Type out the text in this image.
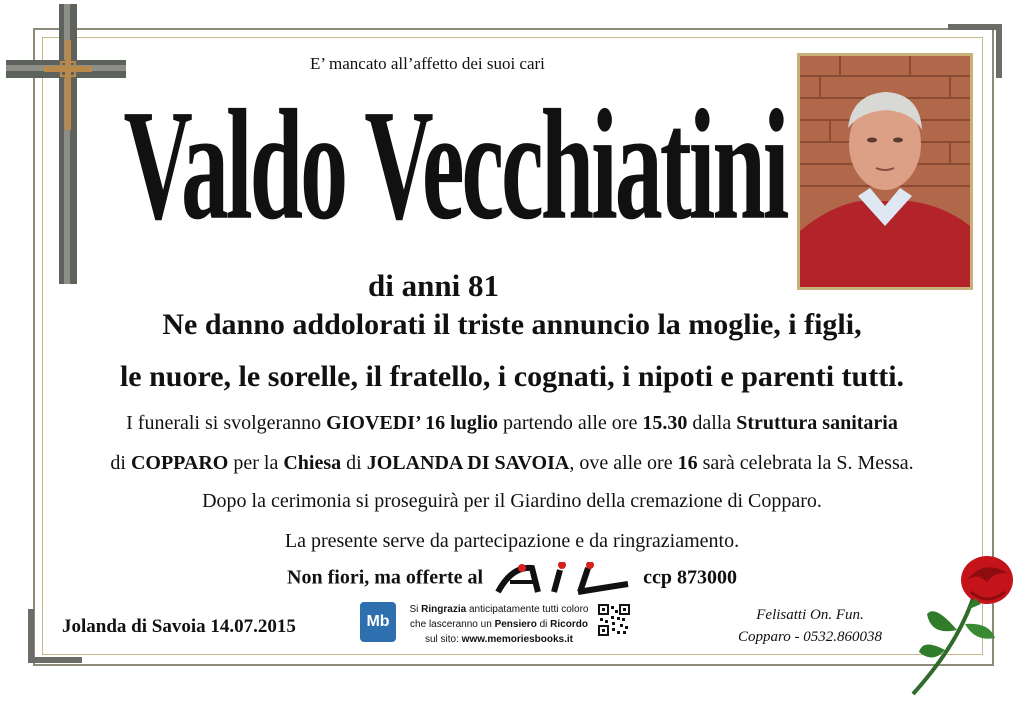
E’ mancato all’affetto dei suoi cari
Valdo Vecchiatini
di anni 81
Ne danno addolorati il triste annuncio la moglie, i figli,
le nuore, le sorelle, il fratello, i cognati, i nipoti e parenti tutti.
I funerali si svolgeranno GIOVEDI’ 16 luglio partendo alle ore 15.30 dalla Struttura sanitaria
di COPPARO per la Chiesa di JOLANDA DI SAVOIA, ove alle ore 16 sarà celebrata la S. Messa.
Dopo la cerimonia si proseguirà per il Giardino della cremazione di Copparo.
La presente serve da partecipazione e da ringraziamento.
Non fiori, ma offerte al	ccp 873000
Jolanda di Savoia 14.07.2015	Mb
Si Ringrazia anticipatamente tutti coloro
che lasceranno un Pensiero di Ricordo
sul sito: www.memoriesbooks.it
Felisatti On. Fun.
Copparo - 0532.860038
